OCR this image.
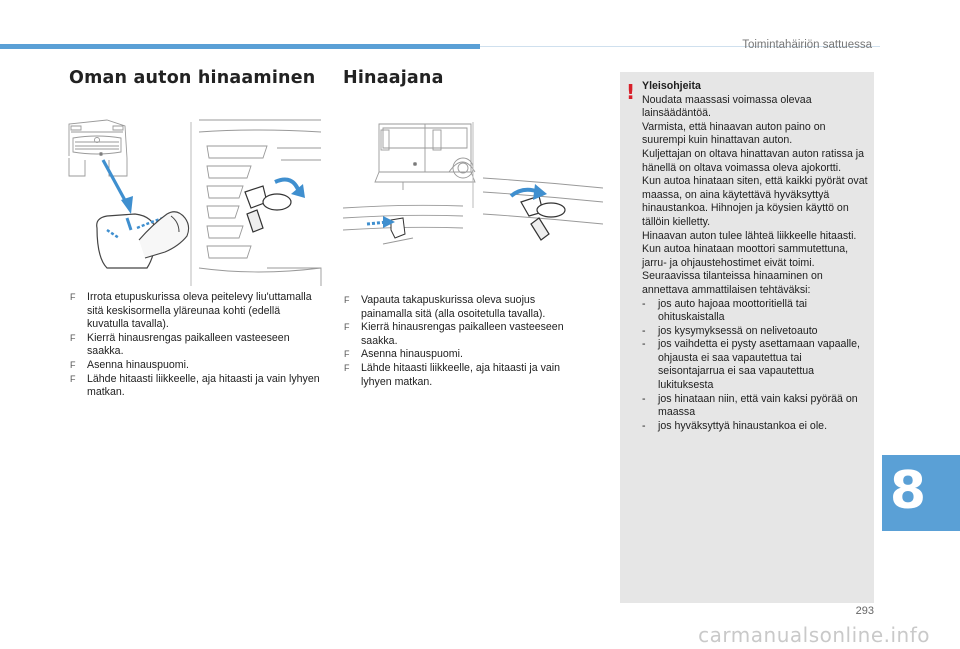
Toimintahäiriön sattuessa
Oman auton hinaaminen Hinaajana
F Irrota etupuskurissa oleva peitelevy liu'uttamalla sitä keskisormella yläreunaa kohti (edellä kuvatulla tavalla).
F Kierrä hinausrengas paikalleen vasteeseen saakka.
F Asenna hinauspuomi.
F Lähde hitaasti liikkeelle, aja hitaasti ja vain lyhyen matkan.
F Vapauta takapuskurissa oleva suojus painamalla sitä (alla osoitetulla tavalla).
F Kierrä hinausrengas paikalleen vasteeseen saakka.
F Asenna hinauspuomi.
F Lähde hitaasti liikkeelle, aja hitaasti ja vain lyhyen matkan.
! Yleisohjeita
Noudata maassasi voimassa olevaa lainsäädäntöä.
Varmista, että hinaavan auton paino on suurempi kuin hinattavan auton.
Kuljettajan on oltava hinattavan auton ratissa ja hänellä on oltava voimassa oleva ajokortti.
Kun autoa hinataan siten, että kaikki pyörät ovat maassa, on aina käytettävä hyväksyttyä hinaustankoa. Hihnojen ja köysien käyttö on tällöin kielletty.
Hinaavan auton tulee lähteä liikkeelle hitaasti.
Kun autoa hinataan moottori sammutettuna, jarru- ja ohjaustehostimet eivät toimi.
Seuraavissa tilanteissa hinaaminen on annettava ammattilaisen tehtäväksi:
- jos auto hajoaa moottoritiellä tai ohituskaistalla
- jos kysymyksessä on nelivetoauto
- jos vaihdetta ei pysty asettamaan vapaalle, ohjausta ei saa vapautettua tai seisontajarrua ei saa vapautettua lukituksesta
- jos hinataan niin, että vain kaksi pyörää on maassa
- jos hyväksyttyä hinaustankoa ei ole.
8
293
carmanualsonline.info
